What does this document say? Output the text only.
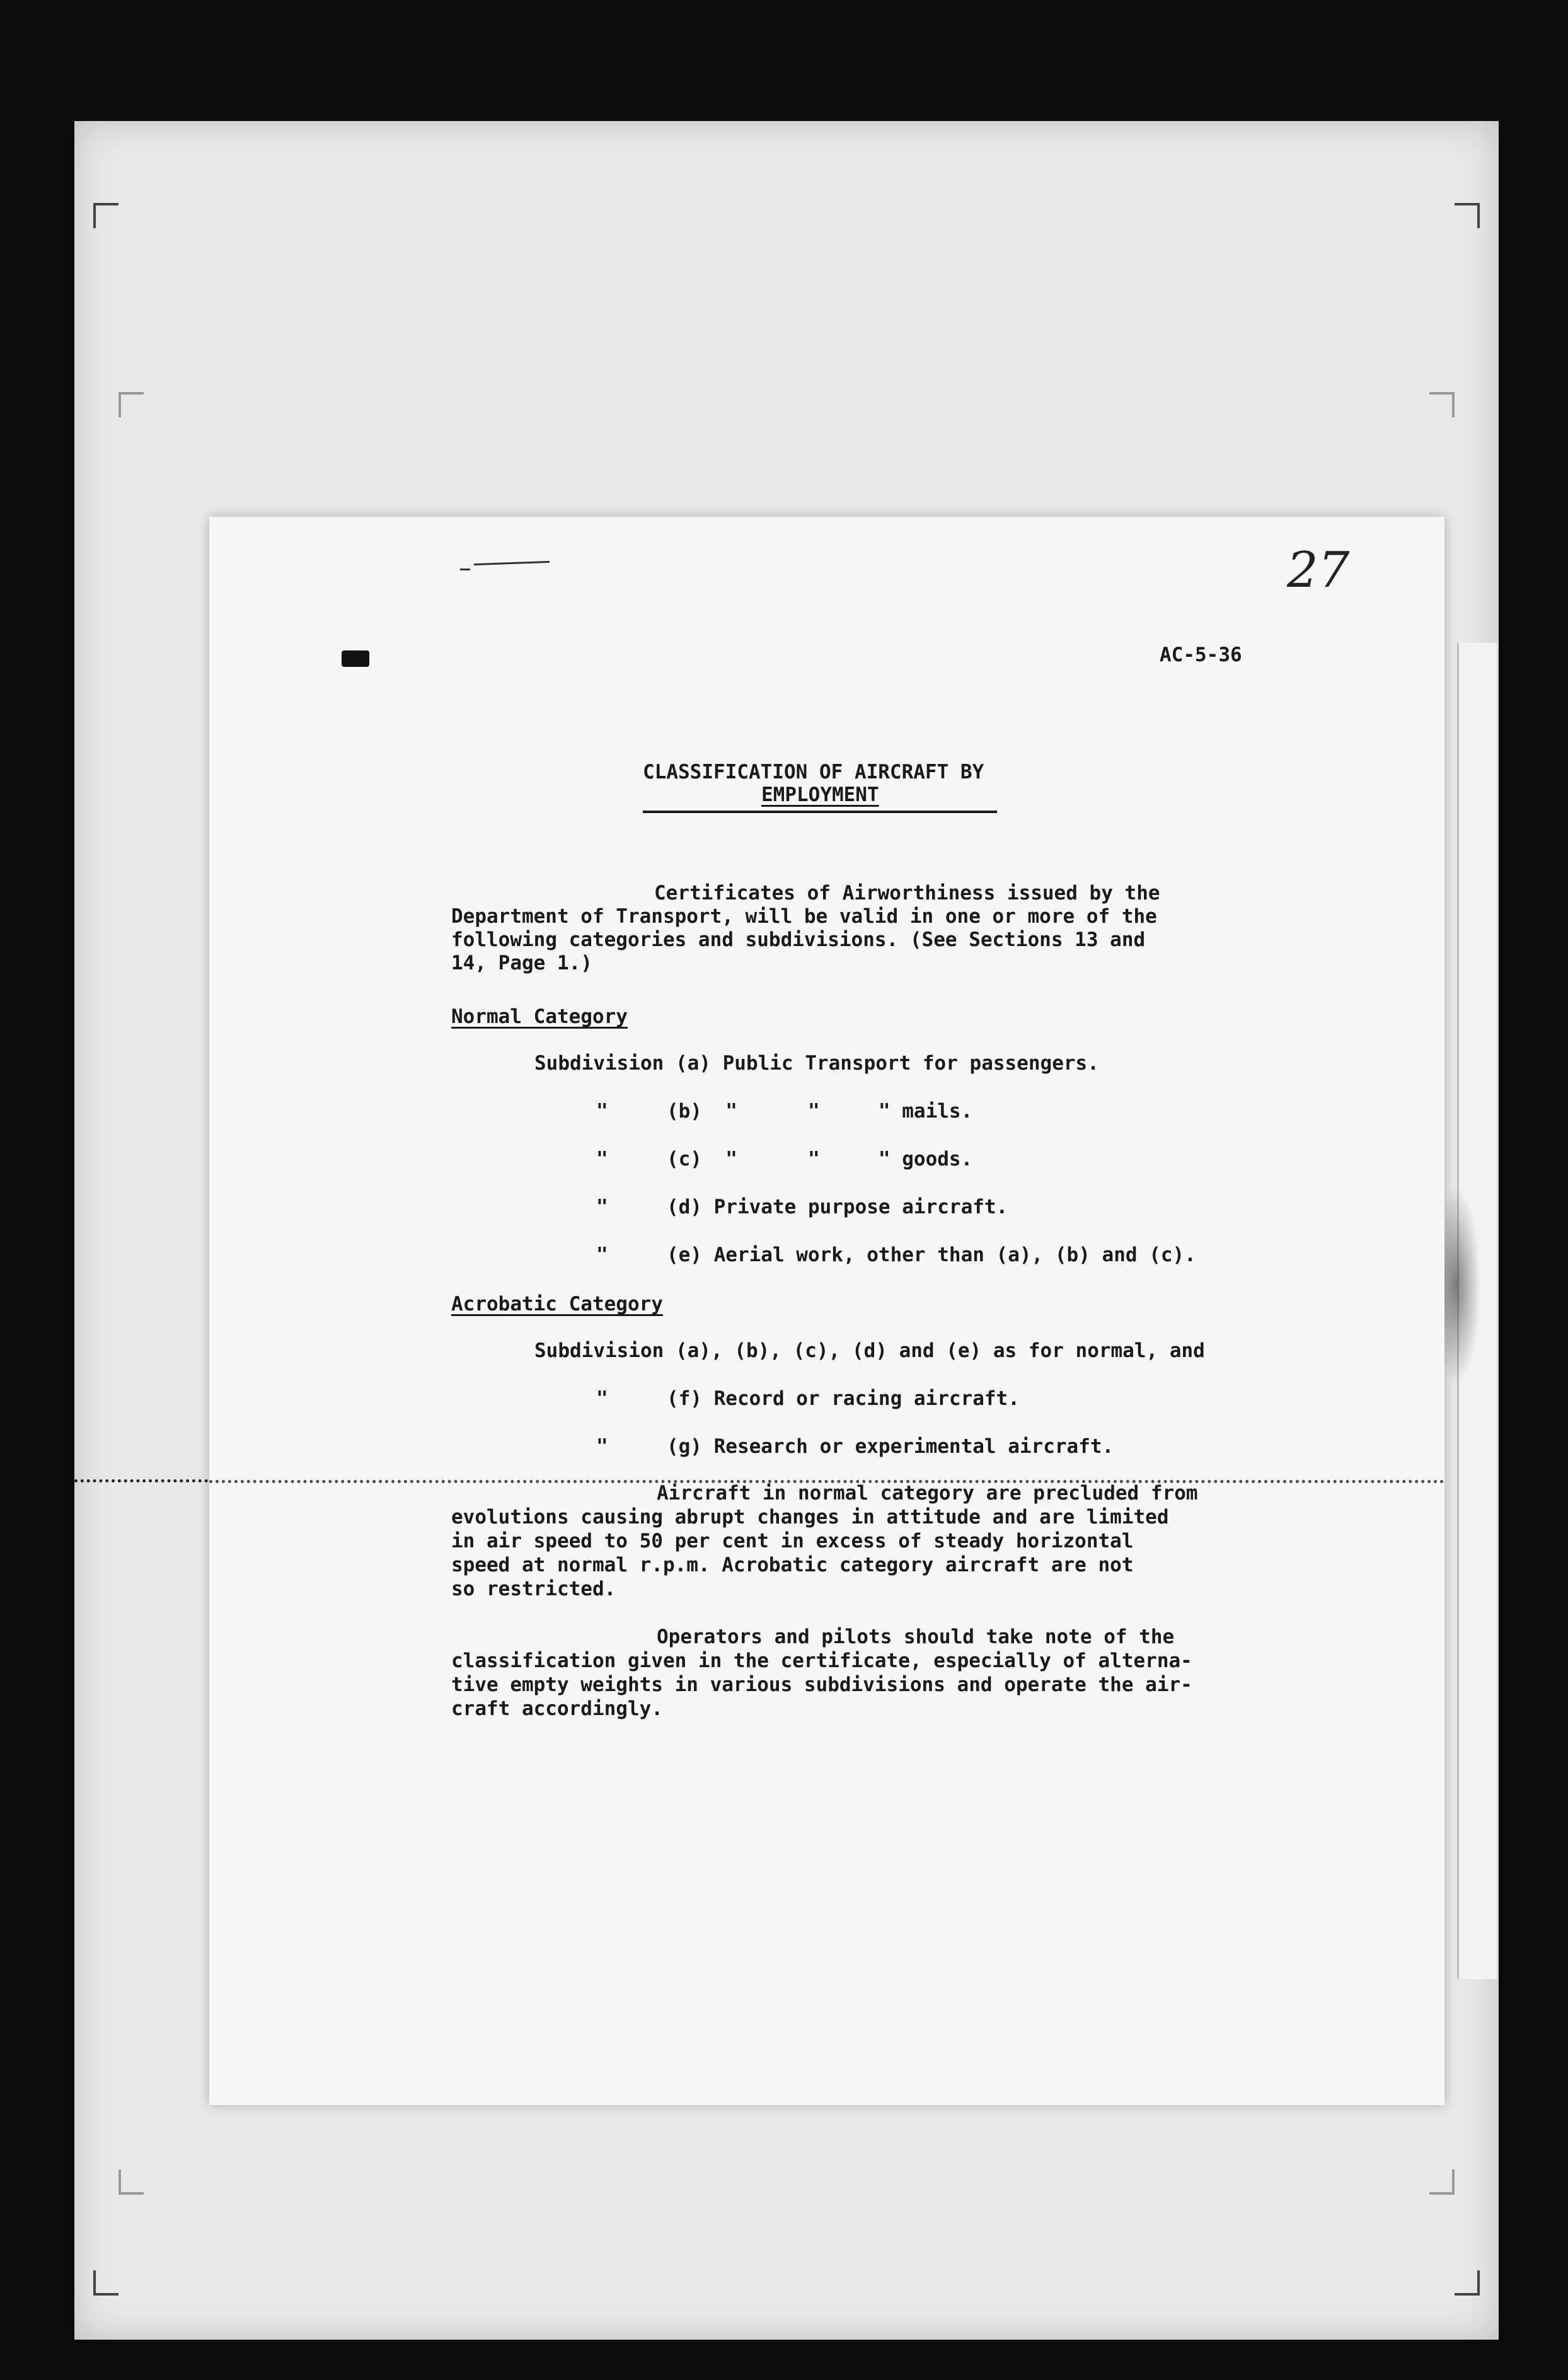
27
AC-5-36
CLASSIFICATION OF AIRCRAFT BY
EMPLOYMENT
Certificates of Airworthiness issued by the
Department of Transport, will be valid in one or more of the
following categories and subdivisions. (See Sections 13 and
14, Page 1.)
Normal Category
Subdivision (a) Public Transport for passengers.
"     (b)  "      "     " mails.
"     (c)  "      "     " goods.
"     (d) Private purpose aircraft.
"     (e) Aerial work, other than (a), (b) and (c).
Acrobatic Category
Subdivision (a), (b), (c), (d) and (e) as for normal, and
"     (f) Record or racing aircraft.
"     (g) Research or experimental aircraft.
Aircraft in normal category are precluded from
evolutions causing abrupt changes in attitude and are limited
in air speed to 50 per cent in excess of steady horizontal
speed at normal r.p.m. Acrobatic category aircraft are not
so restricted.
Operators and pilots should take note of the
classification given in the certificate, especially of alterna-
tive empty weights in various subdivisions and operate the air-
craft accordingly.
